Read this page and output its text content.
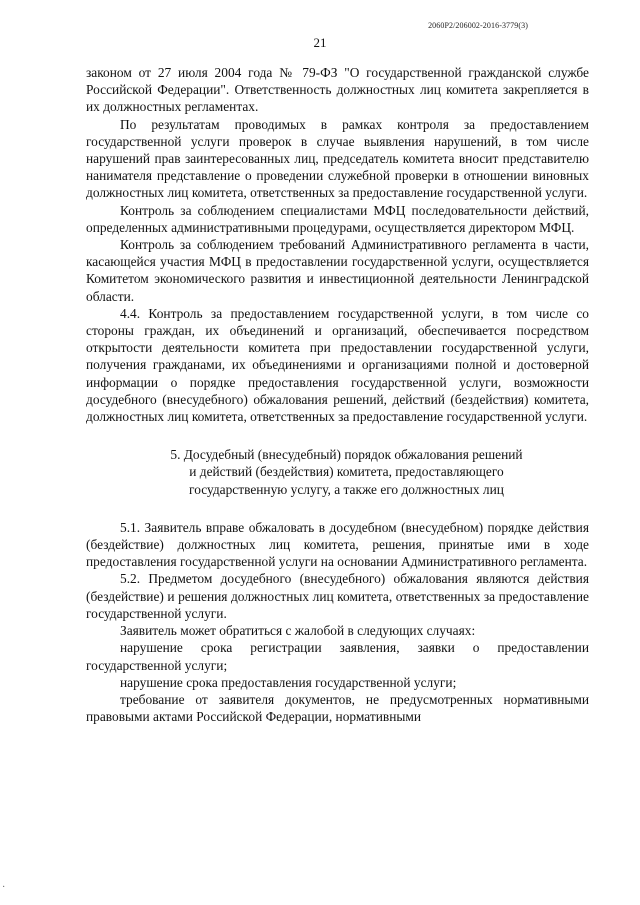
2060Р2/206002-2016-3779(3)
21

законом от 27 июля 2004 года № 79-ФЗ "О государственной гражданской службе Российской Федерации". Ответственность должностных лиц комитета закрепляется в их должностных регламентах.

По результатам проводимых в рамках контроля за предоставлением государственной услуги проверок в случае выявления нарушений, в том числе нарушений прав заинтересованных лиц, председатель комитета вносит представителю нанимателя представление о проведении служебной проверки в отношении виновных должностных лиц комитета, ответственных за предоставление государственной услуги.

Контроль за соблюдением специалистами МФЦ последовательности действий, определенных административными процедурами, осуществляется директором МФЦ.

Контроль за соблюдением требований Административного регламента в части, касающейся участия МФЦ в предоставлении государственной услуги, осуществляется Комитетом экономического развития и инвестиционной деятельности Ленинградской области.

4.4. Контроль за предоставлением государственной услуги, в том числе со стороны граждан, их объединений и организаций, обеспечивается посредством открытости деятельности комитета при предоставлении государственной услуги, получения гражданами, их объединениями и организациями полной и достоверной информации о порядке предоставления государственной услуги, возможности досудебного (внесудебного) обжалования решений, действий (бездействия) комитета, должностных лиц комитета, ответственных за предоставление государственной услуги.

5. Досудебный (внесудебный) порядок обжалования решений
и действий (бездействия) комитета, предоставляющего
государственную услугу, а также его должностных лиц

5.1. Заявитель вправе обжаловать в досудебном (внесудебном) порядке действия (бездействие) должностных лиц комитета, решения, принятые ими в ходе предоставления государственной услуги на основании Административного регламента.

5.2. Предметом досудебного (внесудебного) обжалования являются действия (бездействие) и решения должностных лиц комитета, ответственных за предоставление государственной услуги.

Заявитель может обратиться с жалобой в следующих случаях:

нарушение срока регистрации заявления, заявки о предоставлении государственной услуги;

нарушение срока предоставления государственной услуги;

требование от заявителя документов, не предусмотренных нормативными правовыми актами Российской Федерации, нормативными

·
